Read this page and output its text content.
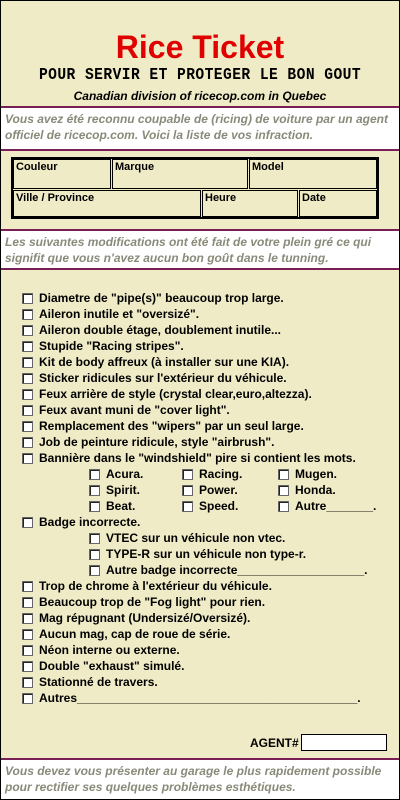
Rice Ticket
POUR SERVIR ET PROTEGER LE BON GOUT
Canadian division of ricecop.com in Quebec
Vous avez été reconnu coupable de (ricing) de voiture par un agent officiel de ricecop.com. Voici la liste de vos infraction.
Couleur	Marque	Model
Ville / Province	Heure	Date
Les suivantes modifications ont été fait de votre plein gré ce qui signifit que vous n'avez aucun bon goût dans le tunning.
Diametre de "pipe(s)" beaucoup trop large.
Aileron inutile et "oversizé".
Aileron double étage, doublement inutile...
Stupide "Racing stripes".
Kit de body affreux (à installer sur une KIA).
Sticker ridicules sur l'extérieur du véhicule.
Feux arrière de style (crystal clear,euro,altezza).
Feux avant muni de "cover light".
Remplacement des "wipers" par un seul large.
Job de peinture ridicule, style "airbrush".
Bannière dans le "windshield" pire si contient les mots.
Acura.	Racing.	Mugen.
Spirit.	Power.	Honda.
Beat.	Speed.	Autre_______.
Badge incorrecte.
VTEC sur un véhicule non vtec.
TYPE-R sur un véhicule non type-r.
Autre badge incorrecte___________________.
Trop de chrome à l'extérieur du véhicule.
Beaucoup trop de "Fog light" pour rien.
Mag répugnant (Undersizé/Oversizé).
Aucun mag, cap de roue de série.
Néon interne ou externe.
Double "exhaust" simulé.
Stationné de travers.
Autres__________________________________________.
AGENT#
Vous devez vous présenter au garage le plus rapidement possible pour rectifier ses quelques problèmes esthétiques.
